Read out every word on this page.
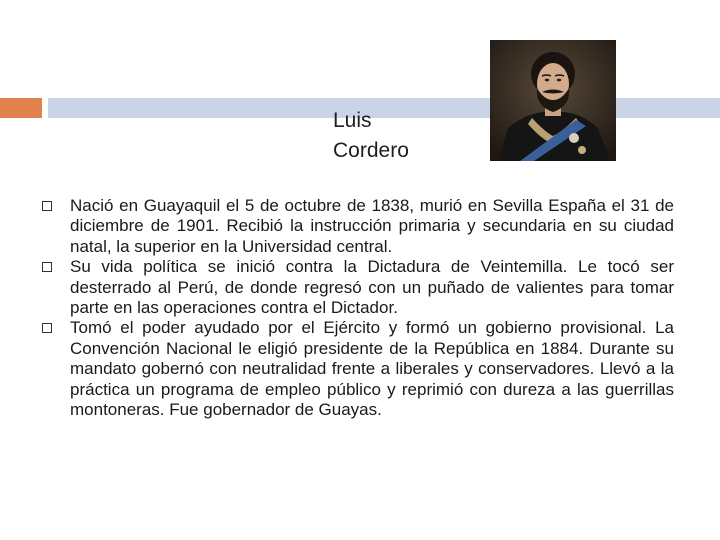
Luis
Cordero
Nació en Guayaquil el 5 de octubre de 1838, murió en Sevilla España el 31 de diciembre de 1901. Recibió la instrucción primaria y secundaria en su ciudad natal, la superior en la Universidad central.
Su vida política se inició contra la Dictadura de Veintemilla. Le tocó ser desterrado al Perú, de donde regresó con un puñado de valientes para tomar parte en las operaciones contra el Dictador.
Tomó el poder ayudado por el Ejército y formó un gobierno provisional. La Convención Nacional le eligió presidente de la República en 1884. Durante su mandato gobernó con neutralidad frente a liberales y conservadores. Llevó a la práctica un programa de empleo público y reprimió con dureza a las guerrillas montoneras. Fue gobernador de Guayas.
